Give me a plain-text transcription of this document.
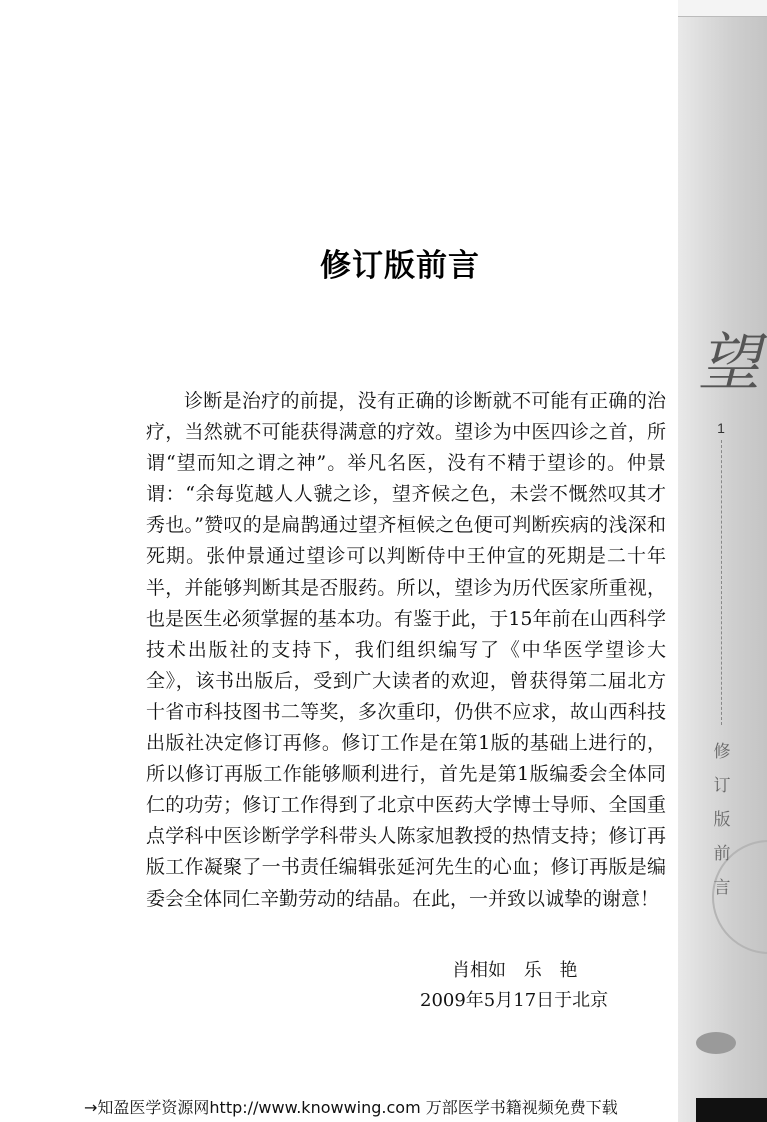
望
1
修
订
版
前
言
修订版前言

诊断是治疗的前提，没有正确的诊断就不可能有正确的治疗，当然就不可能获得满意的疗效。望诊为中医四诊之首，所谓“望而知之谓之神”。举凡名医，没有不精于望诊的。仲景谓：“余每览越人人虢之诊，望齐候之色，未尝不慨然叹其才秀也。”赞叹的是扁鹊通过望齐桓候之色便可判断疾病的浅深和死期。张仲景通过望诊可以判断侍中王仲宣的死期是二十年半，并能够判断其是否服药。所以，望诊为历代医家所重视，也是医生必须掌握的基本功。有鉴于此，于15年前在山西科学技术出版社的支持下，我们组织编写了《中华医学望诊大全》，该书出版后，受到广大读者的欢迎，曾获得第二届北方十省市科技图书二等奖，多次重印，仍供不应求，故山西科技出版社决定修订再修。修订工作是在第1版的基础上进行的，所以修订再版工作能够顺利进行，首先是第1版编委会全体同仁的功劳；修订工作得到了北京中医药大学博士导师、全国重点学科中医诊断学学科带头人陈家旭教授的热情支持；修订再版工作凝聚了一书责任编辑张延河先生的心血；修订再版是编委会全体同仁辛勤劳动的结晶。在此，一并致以诚挚的谢意！

肖相如 乐 艳
2009年5月17日于北京
→知盈医学资源网http://www.knowwing.com 万部医学书籍视频免费下载
